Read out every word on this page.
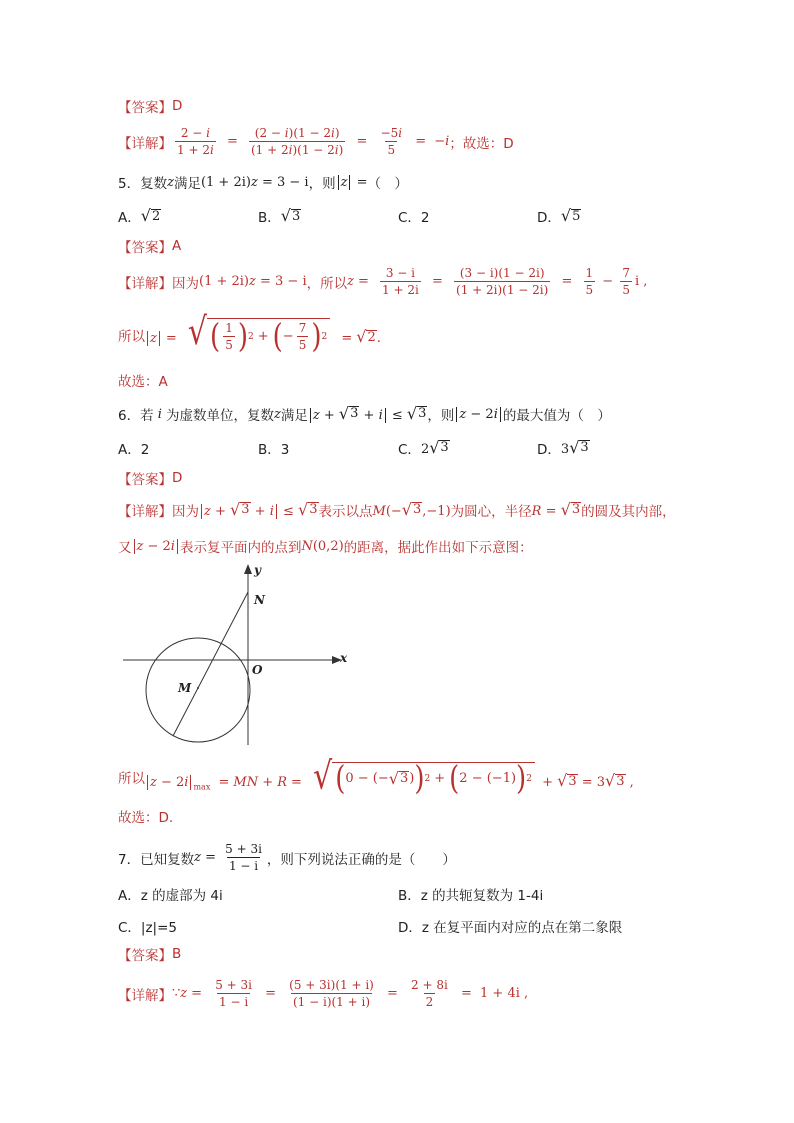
【答案】 D
【详解】 $\frac{2 - i}{1 + 2i} = \frac{(2 - i)(1 - 2i)}{(1 + 2i)(1 - 2i)} = \frac{-5i}{5} = -i$ ；故选：D
5．复数 z 满足 (1 + 2i)z = 3 − i ，则 z = （　）
A． √ 2	B． √ 3	C．2	D． √ 5
【答案】 A
【详解】 因为 (1 + 2i)z = 3 − i ，所以 $z = \frac{3 - i}{1 + 2i} = \frac{(3 - i)(1 - 2i)}{(1 + 2i)(1 - 2i)} = \frac{1}{5} - \frac{7}{5}$ i ,
所以 z = √ ( $\frac{1}{5}$ ) 2 + ( − $\frac{7}{5}$ ) 2 = √ 2 .
故选：A
6．若 i 为虚数单位，复数 z 满足 z + √ 3 + i ≤ √ 3 ，则 z − 2i 的最大值为（　）
A．2	B．3	C． 2 √ 3	D． 3 √ 3
【答案】 D
【详解】 因为 z + √ 3 + i ≤ √ 3 表示以点 M(− √ 3 ,−1) 为圆心，半径 R = √ 3 的圆及其内部，
又 z − 2i 表示复平面内的点到 N(0,2) 的距离，据此作出如下示意图：
x
y
N
O
M
所以 z − 2i $_{max}$ = MN + R = √ ( 0 − (− √ 3 ) ) 2 + ( 2 − (−1) ) 2 + √ 3 = 3 √ 3 ,
故选：D.
7．已知复数 $z = \frac{5 + 3i}{1 - i}$ ，则下列说法正确的是（　　）
A．z 的虚部为 4i	B．z 的共轭复数为 1-4i
C．|z|=5	D．z 在复平面内对应的点在第二象限
【答案】 B
【详解】 ∵z = $\frac{5 + 3i}{1 - i} = \frac{(5 + 3i)(1 + i)}{(1 - i)(1 + i)} = \frac{2 + 8i}{2} = 1 + 4i$ ,
